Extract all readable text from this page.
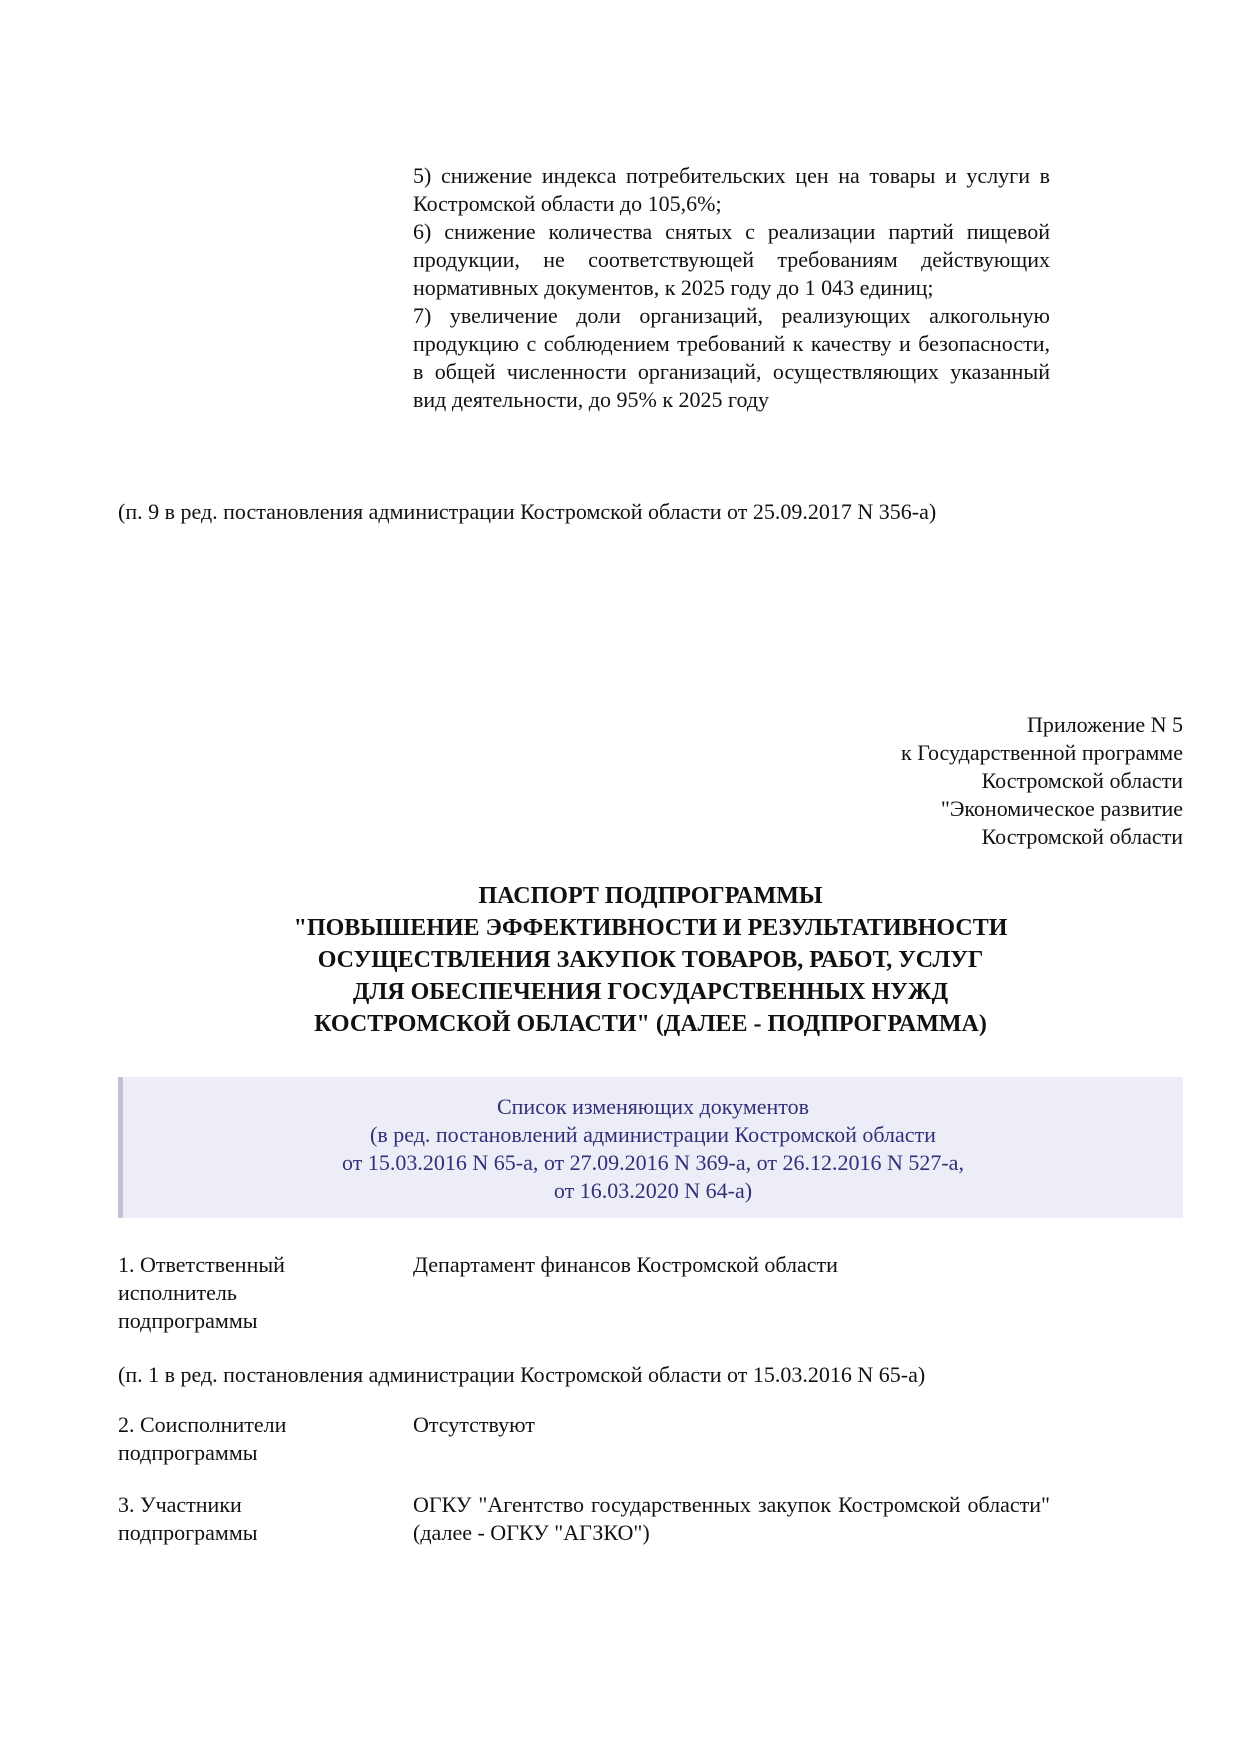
5) снижение индекса потребительских цен на товары и услуги в Костромской области до 105,6%;

6) снижение количества снятых с реализации партий пищевой продукции, не соответствующей требованиям действующих нормативных документов, к 2025 году до 1 043 единиц;

7) увеличение доли организаций, реализующих алкогольную продукцию с соблюдением требований к качеству и безопасности, в общей численности организаций, осуществляющих указанный вид деятельности, до 95% к 2025 году

(п. 9 в ред. постановления администрации Костромской области от 25.09.2017 N 356-а)

Приложение N 5
к Государственной программе
Костромской области
"Экономическое развитие
Костромской области
ПАСПОРТ ПОДПРОГРАММЫ
"ПОВЫШЕНИЕ ЭФФЕКТИВНОСТИ И РЕЗУЛЬТАТИВНОСТИ
ОСУЩЕСТВЛЕНИЯ ЗАКУПОК ТОВАРОВ, РАБОТ, УСЛУГ
ДЛЯ ОБЕСПЕЧЕНИЯ ГОСУДАРСТВЕННЫХ НУЖД
КОСТРОМСКОЙ ОБЛАСТИ" (ДАЛЕЕ - ПОДПРОГРАММА)
Список изменяющих документов
(в ред. постановлений администрации Костромской области
от 15.03.2016 N 65-а, от 27.09.2016 N 369-а, от 26.12.2016 N 527-а,
от 16.03.2020 N 64-а)
1. Ответственный исполнитель подпрограммы
Департамент финансов Костромской области

(п. 1 в ред. постановления администрации Костромской области от 15.03.2016 N 65-а)

2. Соисполнители подпрограммы
Отсутствуют
3. Участники подпрограммы
ОГКУ "Агентство государственных закупок Костромской области" (далее - ОГКУ "АГЗКО")
